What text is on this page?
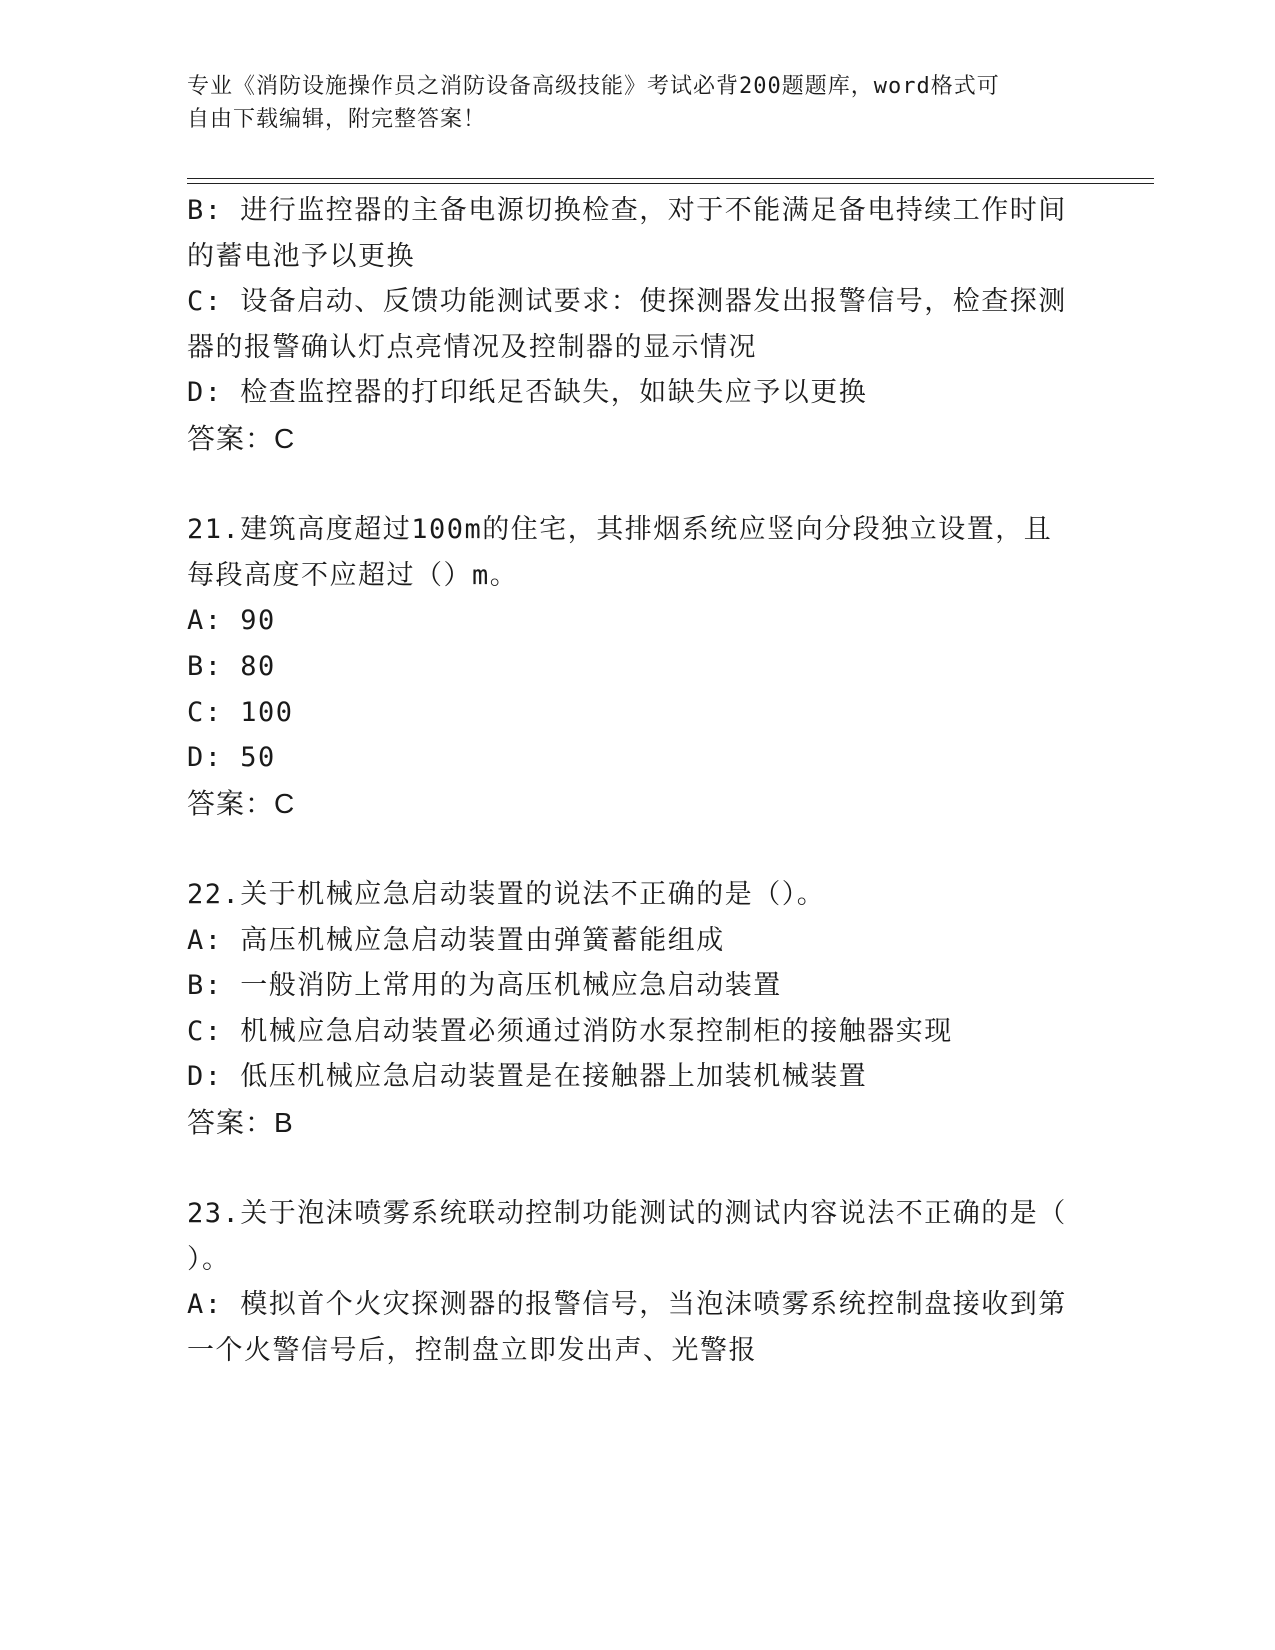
专业《消防设施操作员之消防设备高级技能》考试必背200题题库，word格式可
自由下载编辑，附完整答案！
B: 进行监控器的主备电源切换检查，对于不能满足备电持续工作时间
的蓄电池予以更换
C: 设备启动、反馈功能测试要求：使探测器发出报警信号，检查探测
器的报警确认灯点亮情况及控制器的显示情况
D: 检查监控器的打印纸足否缺失，如缺失应予以更换
答案：C
21.建筑高度超过100m的住宅，其排烟系统应竖向分段独立设置，且
每段高度不应超过（）m。
A: 90
B: 80
C: 100
D: 50
答案：C
22.关于机械应急启动装置的说法不正确的是（）。
A: 高压机械应急启动装置由弹簧蓄能组成
B: 一般消防上常用的为高压机械应急启动装置
C: 机械应急启动装置必须通过消防水泵控制柜的接触器实现
D: 低压机械应急启动装置是在接触器上加装机械装置
答案：B
23.关于泡沫喷雾系统联动控制功能测试的测试内容说法不正确的是（
）。
A: 模拟首个火灾探测器的报警信号，当泡沫喷雾系统控制盘接收到第
一个火警信号后，控制盘立即发出声、光警报
